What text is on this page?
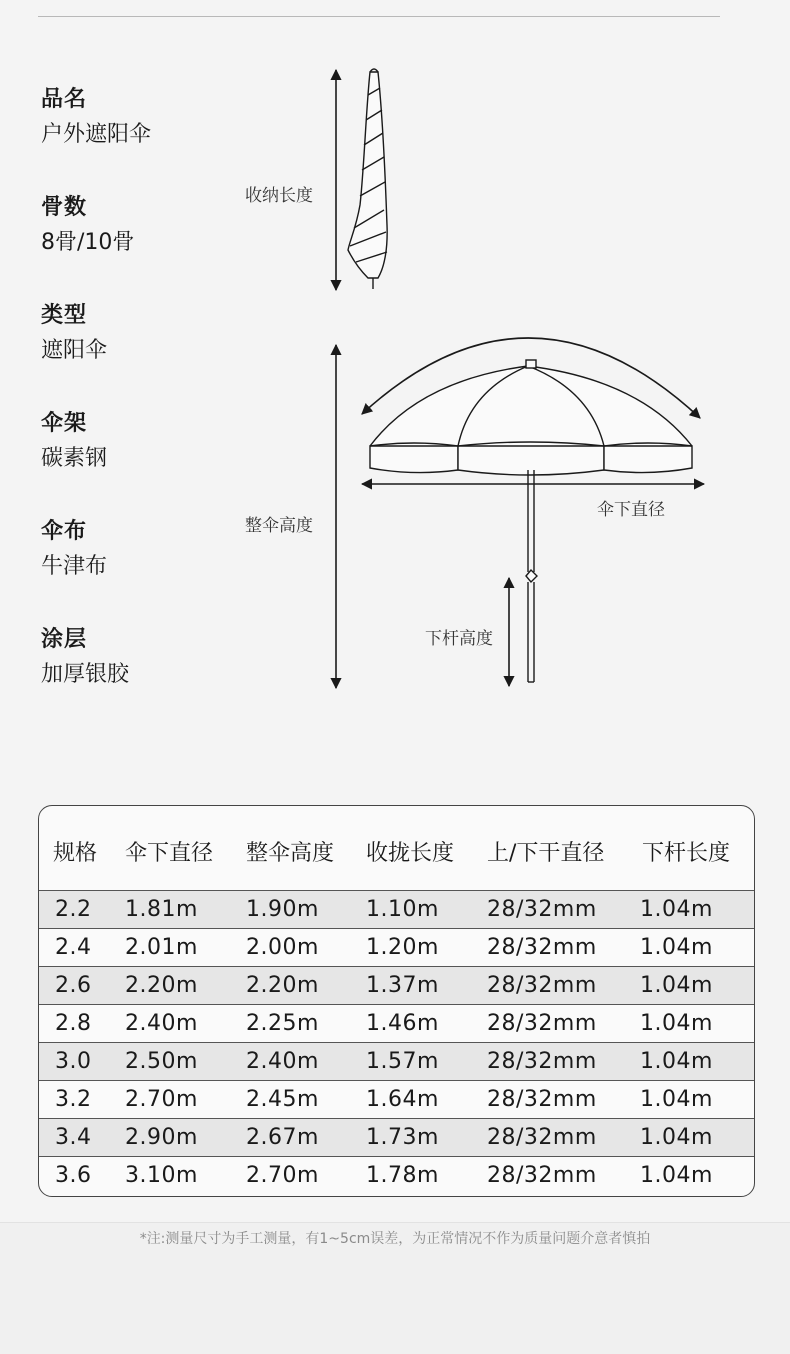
品名
户外遮阳伞
骨数
8骨/10骨
类型
遮阳伞
伞架
碳素钢
伞布
牛津布
涂层
加厚银胶
收纳长度
整伞高度
伞下直径
下杆高度
规格 伞下直径 整伞高度 收拢长度 上/下干直径 下杆长度
2.2 1.81m 1.90m 1.10m 28/32mm 1.04m
2.4 2.01m 2.00m 1.20m 28/32mm 1.04m
2.6 2.20m 2.20m 1.37m 28/32mm 1.04m
2.8 2.40m 2.25m 1.46m 28/32mm 1.04m
3.0 2.50m 2.40m 1.57m 28/32mm 1.04m
3.2 2.70m 2.45m 1.64m 28/32mm 1.04m
3.4 2.90m 2.67m 1.73m 28/32mm 1.04m
3.6 3.10m 2.70m 1.78m 28/32mm 1.04m
*注:测量尺寸为手工测量，有1~5cm误差，为正常情况不作为质量问题介意者慎拍
